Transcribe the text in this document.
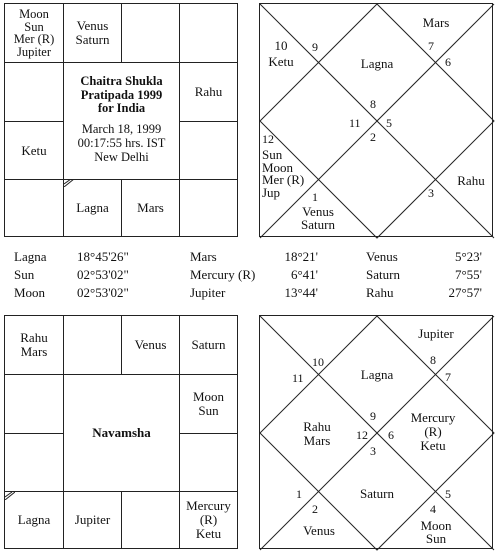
Moon
Sun
Mer (R)
Jupiter
Venus
Saturn
Rahu
Ketu
Lagna Mars
Chaitra Shukla
Pratipada 1999
for India
March 18, 1999
00:17:55 hrs. IST
New Delhi
8
9
11
12
1
2
3
5
6
7
Lagna
10
Ketu
Mars
Sun
Moon
Mer (R)
Jup
Venus
Saturn
Rahu
Lagna 18°45'26"	Mars	18°21'	Venus	5°23'
Sun	02°53'02"	Mercury (R)	6°41'	Saturn	7°55'
Moon 02°53'02"	Jupiter	13°44'	Rahu	27°57'
Rahu
Mars	Venus Saturn
Moon
Sun
Lagna Jupiter
Mercury
(R)
Ketu
Navamsha
9
10
11
12
1
2
3
4
5
6
7
8
Lagna
Jupiter
Rahu
Mars
Mercury
(R)
Ketu
Saturn
Venus	Moon
Sun
